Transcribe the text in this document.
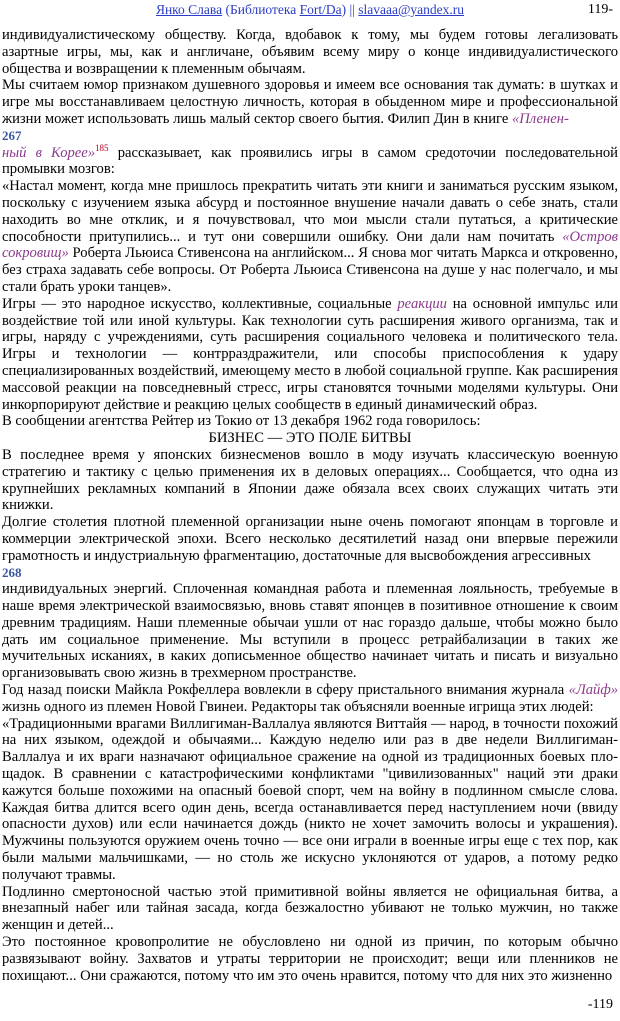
Янко Слава (Библиотека Fort/Da) || slavaaa@yandex.ru	119-

индивидуалистическому обществу. Когда, вдобавок к тому, мы будем готовы легализовать азартные игры, мы, как и англичане, объявим всему миру о конце индивидуалистического общества и возвращении к племенным обычаям.

Мы считаем юмор признаком душевного здоровья и имеем все основания так думать: в шутках и игре мы восстанавливаем целостную личность, которая в обыденном мире и профессиональной жизни может использовать лишь малый сектор своего бытия. Филип Дин в книге «Пленен-
267
ный в Корее»$^{185}$ рассказывает, как проявились игры в самом средоточии последовательной промывки мозгов:

«Настал момент, когда мне пришлось прекратить читать эти книги и заниматься русским языком, поскольку с изучением языка абсурд и постоянное внушение начали давать о себе знать, стали находить во мне отклик, и я почувствовал, что мои мысли стали путаться, а критические способности притупились... и тут они совершили ошибку. Они дали нам почитать «Остров сокровищ» Роберта Льюиса Стивенсона на английском... Я снова мог читать Маркса и откровенно, без страха задавать себе вопросы. От Роберта Льюиса Стивенсона на душе у нас полегчало, и мы стали брать уроки танцев».

Игры — это народное искусство, коллективные, социальные реакции на основной импульс или воздействие той или иной культуры. Как технологии суть расширения живого организма, так и игры, наряду с учреждениями, суть расширения социального человека и политического тела. Игры и технологии — контрраздражители, или способы приспособления к удару специализированных воздействий, имеющему место в любой социальной группе. Как расширения массовой реакции на повседневный стресс, игры становятся точными моделями культуры. Они инкорпорируют действие и реакцию целых сообществ в единый динамический образ.

В сообщении агентства Рейтер из Токио от 13 декабря 1962 года говорилось:

БИЗНЕС — ЭТО ПОЛЕ БИТВЫ

В последнее время у японских бизнесменов вошло в моду изучать классическую военную стратегию и тактику с целью применения их в деловых операциях... Сообщается, что одна из крупнейших рекламных компаний в Японии даже обязала всех своих служащих читать эти книжки.

Долгие столетия плотной племенной организации ныне очень помогают японцам в торговле и коммерции электрической эпохи. Всего несколько десятилетий назад они впервые пережили грамотность и индустриальную фрагментацию, достаточные для высвобождения агрессивных
268
индивидуальных энергий. Сплоченная командная работа и племенная лояльность, требуемые в наше время электрической взаимосвязью, вновь ставят японцев в позитивное отношение к своим древним традициям. Наши племенные обычаи ушли от нас гораздо дальше, чтобы можно было дать им социальное применение. Мы вступили в процесс ретрайбализации в таких же мучительных исканиях, в каких дописьменное общество начинает читать и писать и визуально организовывать свою жизнь в трехмерном пространстве.

Год назад поиски Майкла Рокфеллера вовлекли в сферу пристального внимания журнала «Лайф» жизнь одного из племен Новой Гвинеи. Редакторы так объясняли военные игрища этих людей:

«Традиционными врагами Виллигиман-Валлалуа являются Виттайя — народ, в точности похожий на них языком, одеждой и обычаями... Каждую неделю или раз в две недели Виллигиман-Валлалуа и их враги назначают официальное сражение на одной из традиционных боевых пло-щадок. В сравнении с катастрофическими конфликтами "цивилизованных" наций эти драки кажутся больше похожими на опасный боевой спорт, чем на войну в подлинном смысле слова. Каждая битва длится всего один день, всегда останавливается перед наступлением ночи (ввиду опасности духов) или если начинается дождь (никто не хочет замочить волосы и украшения). Мужчины пользуются оружием очень точно — все они играли в военные игры еще с тех пор, как были малыми мальчишками, — но столь же искусно уклоняются от ударов, а потому редко получают травмы.

Подлинно смертоносной частью этой примитивной войны является не официальная битва, а внезапный набег или тайная засада, когда безжалостно убивают не только мужчин, но также женщин и детей...

Это постоянное кровопролитие не обусловлено ни одной из причин, по которым обычно развязывают войну. Захватов и утраты территории не происходит; вещи или пленников не похищают... Они сражаются, потому что им это очень нравится, потому что для них это жизненно

-119
